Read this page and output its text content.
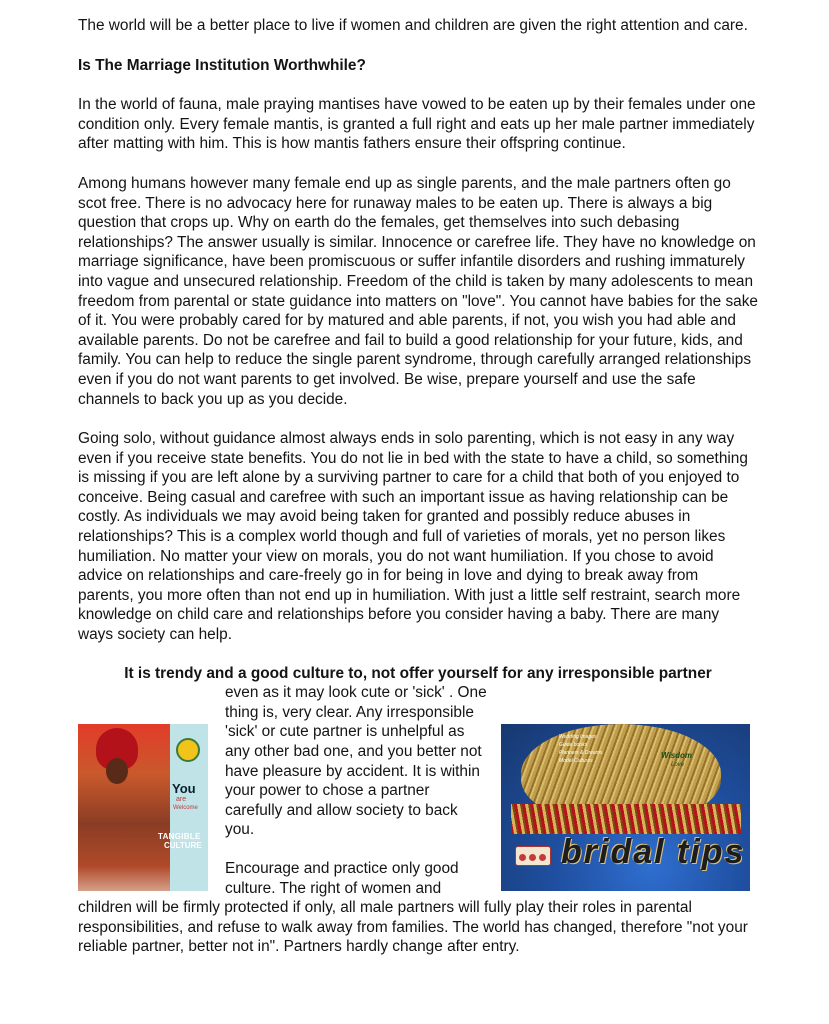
The world will be a better place to live if women and children are given the right attention and care.

Is The Marriage Institution Worthwhile?

In the world of fauna, male praying mantises have vowed to be eaten up by their females under one condition only. Every female mantis, is granted a full right and eats up her male partner immediately after matting with him. This is how mantis fathers ensure their offspring continue.

Among humans however many female end up as single parents, and the male partners often go scot free. There is no advocacy here for runaway males to be eaten up. There is always a big question that crops up. Why on earth do the females, get themselves into such debasing relationships? The answer usually is similar. Innocence or carefree life. They have no knowledge on marriage significance, have been promiscuous or suffer infantile disorders and rushing immaturely into vague and unsecured relationship. Freedom of the child is taken by many adolescents to mean freedom from parental or state guidance into matters on "love". You cannot have babies for the sake of it. You were probably cared for by matured and able parents, if not, you wish you had able and available parents. Do not be carefree and fail to build a good relationship for your future, kids, and family. You can help to reduce the single parent syndrome, through carefully arranged relationships even if you do not want parents to get involved. Be wise, prepare yourself and use the safe channels to back you up as you decide.

Going solo, without guidance almost always ends in solo parenting, which is not easy in any way even if you receive state benefits. You do not lie in bed with the state to have a child, so something is missing if you are left alone by a surviving partner to care for a child that both of you enjoyed to conceive. Being casual and carefree with such an important issue as having relationship can be costly. As individuals we may avoid being taken for granted and possibly reduce abuses in relationships? This is a complex world though and full of varieties of morals, yet no person likes humiliation. No matter your view on morals, you do not want humiliation. If you chose to avoid advice on relationships and care-freely go in for being in love and dying to break away from parents, you more often than not end up in humiliation. With just a little self restraint, search more knowledge on child care and relationships before you consider having a baby. There are many ways society can help.

It is trendy and a good culture to, not offer yourself for any irresponsible partner

You
are
Welcome
TANGIBLE
CULTURE

even as it may look cute or 'sick' . One thing is, very clear. Any irresponsible 'sick' or cute partner is unhelpful as any other bad one, and you better not have pleasure by accident. It is within your power to chose a partner carefully and allow society to back you.

Encourage and practice only good culture. The right of women and

Wedding Images
Guide books
Planners & Dreams
Model Cultures
Wisdom
Love
bridal tips

children will be firmly protected if only, all male partners will fully play their roles in parental responsibilities, and refuse to walk away from families. The world has changed, therefore "not your reliable partner, better not in". Partners hardly change after entry.
